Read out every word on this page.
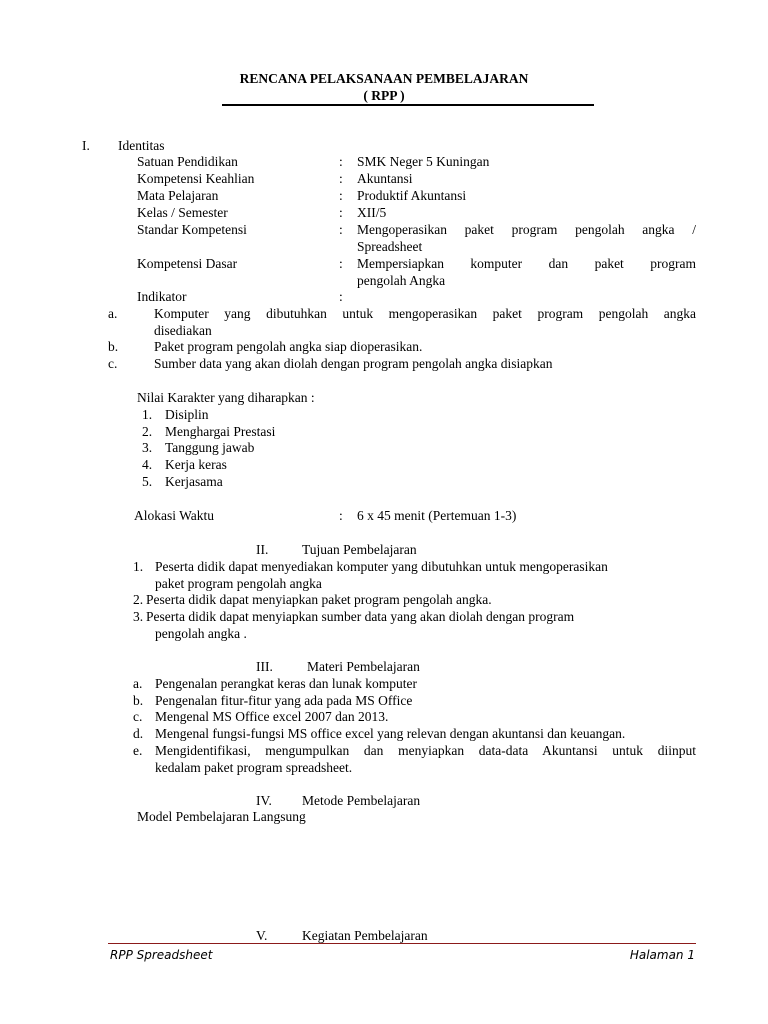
RENCANA PELAKSANAAN PEMBELAJARAN
( RPP )
I. Identitas
Satuan Pendidikan	: SMK Neger 5 Kuningan
Kompetensi Keahlian	: Akuntansi
Mata Pelajaran	: Produktif Akuntansi
Kelas / Semester	: XII/5
Standar Kompetensi	: Mengoperasikan paket program pengolah angka /
Spreadsheet
Kompetensi Dasar	: Mempersiapkan komputer dan paket program
pengolah Angka
Indikator	:
a.	Komputer yang dibutuhkan untuk mengoperasikan paket program pengolah angka
disediakan
b.	Paket program pengolah angka siap dioperasikan.
c.	Sumber data yang akan diolah dengan program pengolah angka disiapkan
Nilai Karakter yang diharapkan :
1. Disiplin
2. Menghargai Prestasi
3. Tanggung jawab
4. Kerja keras
5. Kerjasama
Alokasi Waktu	: 6 x 45 menit (Pertemuan 1-3)
II. Tujuan Pembelajaran
1. Peserta didik dapat menyediakan komputer yang dibutuhkan untuk mengoperasikan
paket program pengolah angka
2. Peserta didik dapat menyiapkan paket program pengolah angka.
3. Peserta didik dapat menyiapkan sumber data yang akan diolah dengan program
pengolah angka .
III.	Materi Pembelajaran
a. Pengenalan perangkat keras dan lunak komputer
b. Pengenalan fitur-fitur yang ada pada MS Office
c. Mengenal MS Office excel 2007 dan 2013.
d. Mengenal fungsi-fungsi MS office excel yang relevan dengan akuntansi dan keuangan.
e. Mengidentifikasi, mengumpulkan dan menyiapkan data-data Akuntansi untuk diinput
kedalam paket program spreadsheet.
IV. Metode Pembelajaran
Model Pembelajaran Langsung
V.	Kegiatan Pembelajaran
RPP Spreadsheet	Halaman 1
